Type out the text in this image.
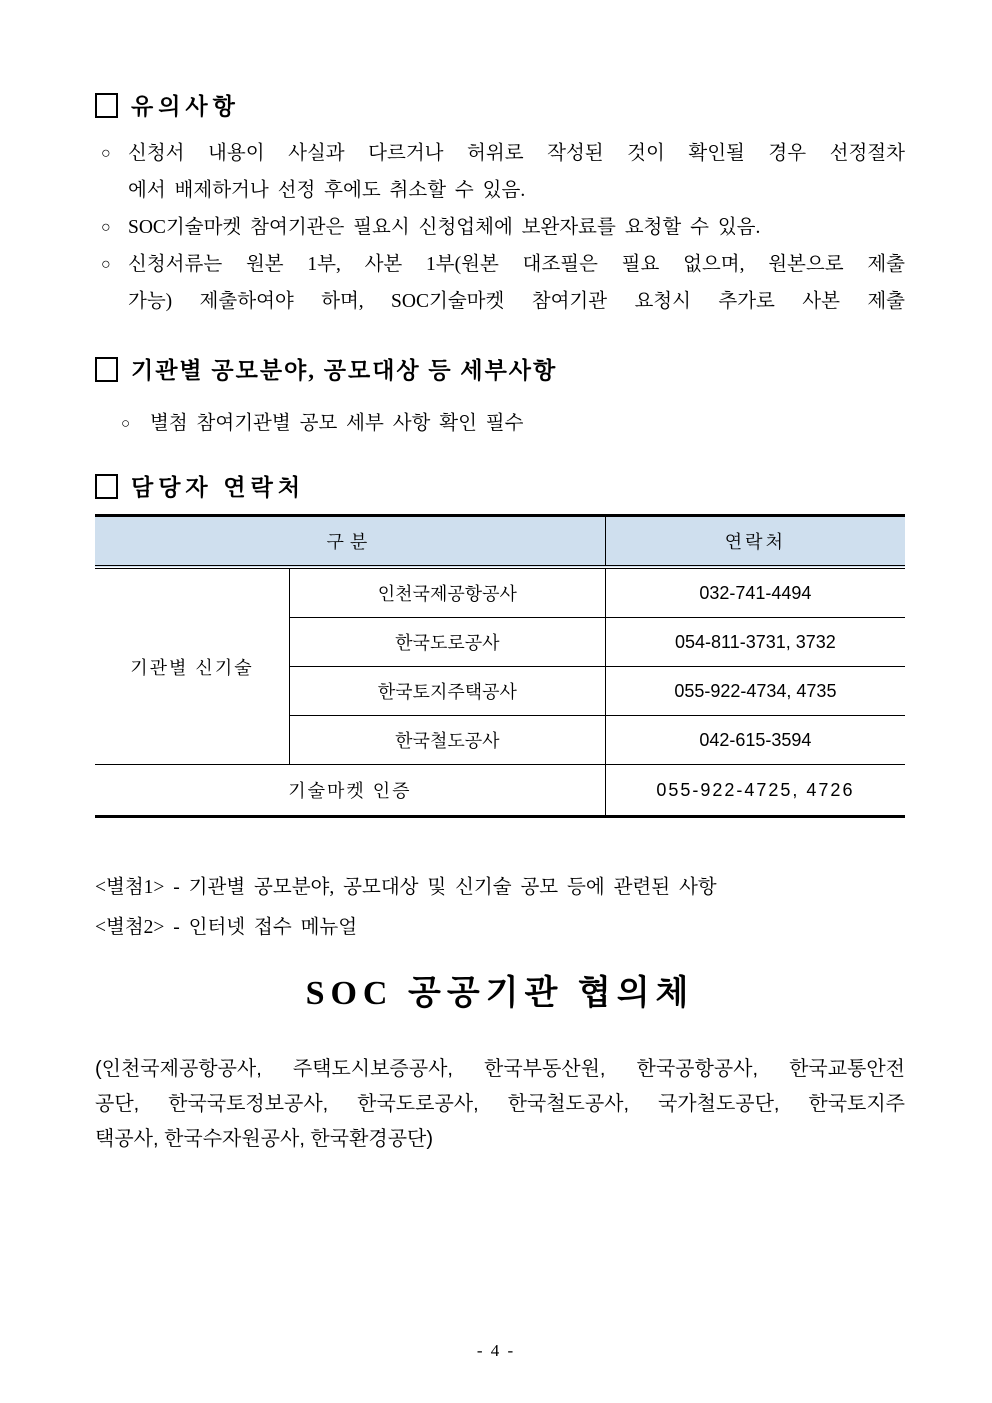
유의사항
○ 신청서 내용이 사실과 다르거나 허위로 작성된 것이 확인될 경우 선정절차
에서 배제하거나 선정 후에도 취소할 수 있음.
○ SOC기술마켓 참여기관은 필요시 신청업체에 보완자료를 요청할 수 있음.
○ 신청서류는 원본 1부, 사본 1부(원본 대조필은 필요 없으며, 원본으로 제출
가능) 제출하여야 하며, SOC기술마켓 참여기관 요청시 추가로 사본 제출
기관별 공모분야, 공모대상 등 세부사항
○	별첨 참여기관별 공모 세부 사항 확인 필수
담당자 연락처
구분		연락처
기관별 신기술	인천국제공항공사	032-741-4494
	한국도로공사	054-811-3731, 3732
	한국토지주택공사	055-922-4734, 4735
	한국철도공사	042-615-3594
기술마켓 인증		055-922-4725, 4726
<별첨1> - 기관별 공모분야, 공모대상 및 신기술 공모 등에 관련된 사항
<별첨2> - 인터넷 접수 메뉴얼
SOC 공공기관 협의체
(인천국제공항공사, 주택도시보증공사, 한국부동산원, 한국공항공사, 한국교통안전
공단, 한국국토정보공사, 한국도로공사, 한국철도공사, 국가철도공단, 한국토지주
택공사, 한국수자원공사, 한국환경공단)
- 4 -
